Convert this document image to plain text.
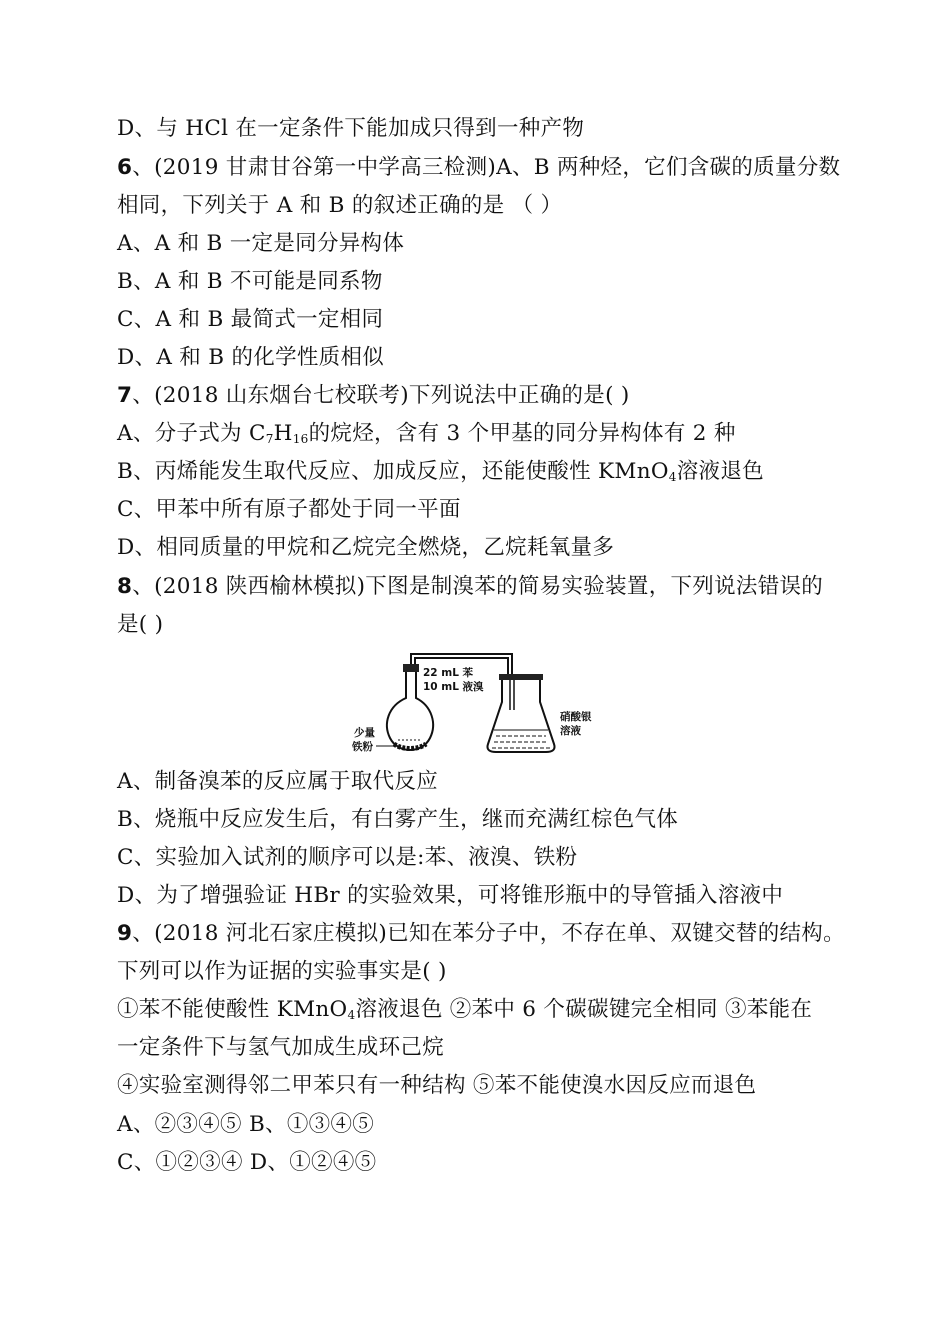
D、与 HCl 在一定条件下能加成只得到一种产物
6、(2019 甘肃甘谷第一中学高三检测)A、B 两种烃，它们含碳的质量分数
相同，下列关于 A 和 B 的叙述正确的是 （ ）
A、A 和 B 一定是同分异构体
B、A 和 B 不可能是同系物
C、A 和 B 最简式一定相同
D、A 和 B 的化学性质相似
7、(2018 山东烟台七校联考)下列说法中正确的是( )
A、分子式为 $C_7H_{16}$的烷烃，含有 3 个甲基的同分异构体有 2 种
B、丙烯能发生取代反应、加成反应，还能使酸性 KMnO$_4$溶液退色
C、甲苯中所有原子都处于同一平面
D、相同质量的甲烷和乙烷完全燃烧，乙烷耗氧量多
8、(2018 陕西榆林模拟)下图是制溴苯的简易实验装置，下列说法错误的
是( )
22 mL 苯
10 mL 液溴
少量
铁粉
硝酸银
溶液
A、制备溴苯的反应属于取代反应
B、烧瓶中反应发生后，有白雾产生，继而充满红棕色气体
C、实验加入试剂的顺序可以是:苯、液溴、铁粉
D、为了增强验证 HBr 的实验效果，可将锥形瓶中的导管插入溶液中
9、(2018 河北石家庄模拟)已知在苯分子中，不存在单、双键交替的结构。
下列可以作为证据的实验事实是( )
①苯不能使酸性 KMnO$_4$溶液退色 ②苯中 6 个碳碳键完全相同 ③苯能在
一定条件下与氢气加成生成环己烷
④实验室测得邻二甲苯只有一种结构 ⑤苯不能使溴水因反应而退色
A、②③④⑤ B、①③④⑤
C、①②③④ D、①②④⑤
